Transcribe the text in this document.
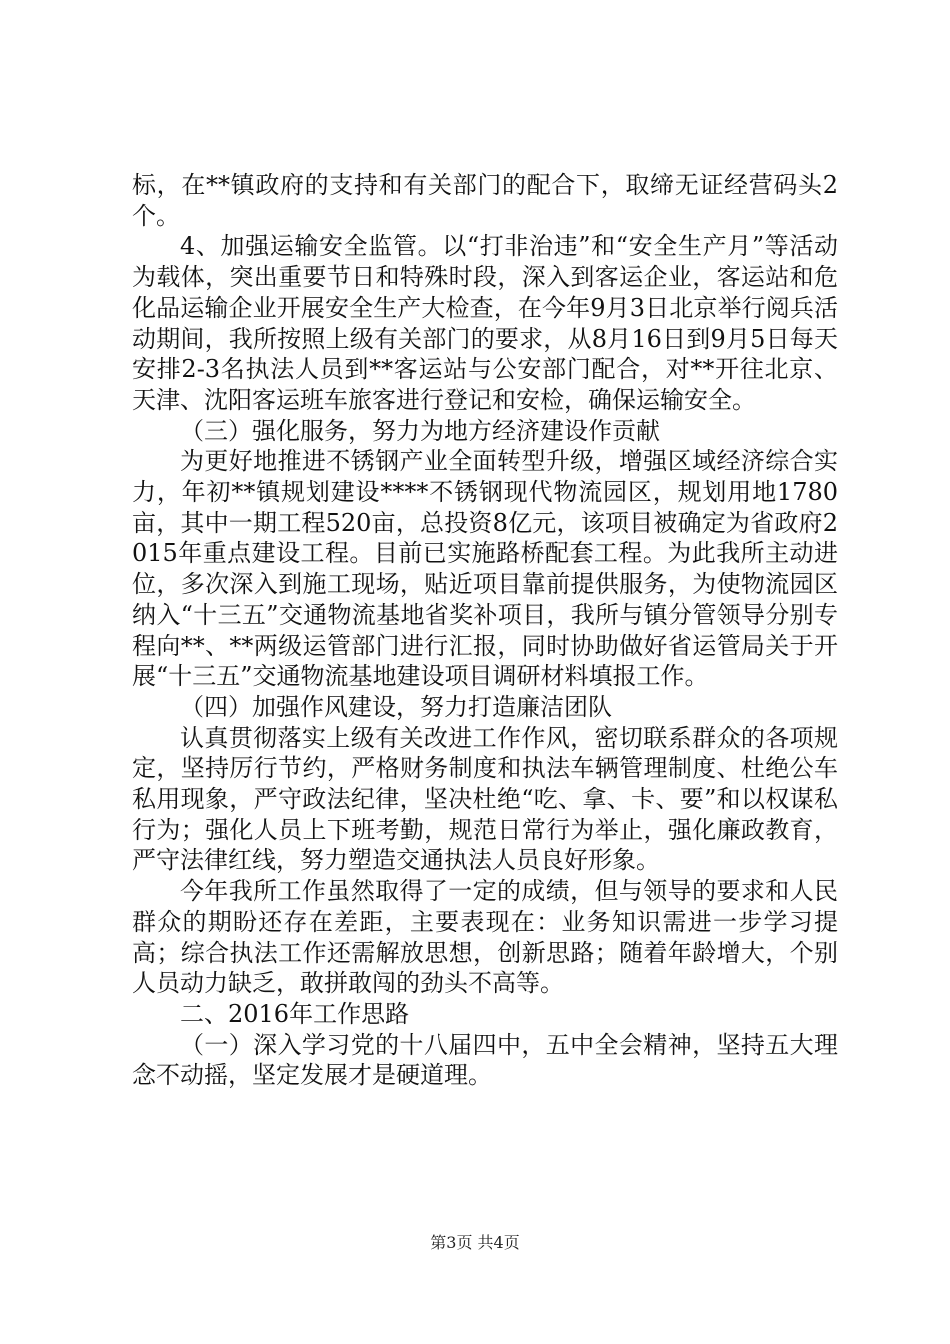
标，在**镇政府的支持和有关部门的配合下，取缔无证经营码头2个。

4、加强运输安全监管。以“打非治违”和“安全生产月”等活动为载体，突出重要节日和特殊时段，深入到客运企业，客运站和危化品运输企业开展安全生产大检查，在今年9月3日北京举行阅兵活动期间，我所按照上级有关部门的要求，从8月16日到9月5日每天安排2-3名执法人员到**客运站与公安部门配合，对**开往北京、天津、沈阳客运班车旅客进行登记和安检，确保运输安全。

（三）强化服务，努力为地方经济建设作贡献

为更好地推进不锈钢产业全面转型升级，增强区域经济综合实力，年初**镇规划建设****不锈钢现代物流园区，规划用地1780亩，其中一期工程520亩，总投资8亿元，该项目被确定为省政府2015年重点建设工程。目前已实施路桥配套工程。为此我所主动进位，多次深入到施工现场，贴近项目靠前提供服务，为使物流园区纳入“十三五”交通物流基地省奖补项目，我所与镇分管领导分别专程向**、**两级运管部门进行汇报，同时协助做好省运管局关于开展“十三五”交通物流基地建设项目调研材料填报工作。

（四）加强作风建设，努力打造廉洁团队

认真贯彻落实上级有关改进工作作风，密切联系群众的各项规定，坚持厉行节约，严格财务制度和执法车辆管理制度、杜绝公车私用现象，严守政法纪律，坚决杜绝“吃、拿、卡、要”和以权谋私行为；强化人员上下班考勤，规范日常行为举止，强化廉政教育，严守法律红线，努力塑造交通执法人员良好形象。

今年我所工作虽然取得了一定的成绩，但与领导的要求和人民群众的期盼还存在差距，主要表现在：业务知识需进一步学习提高；综合执法工作还需解放思想，创新思路；随着年龄增大，个别人员动力缺乏，敢拼敢闯的劲头不高等。

二、2016年工作思路

（一）深入学习党的十八届四中，五中全会精神，坚持五大理念不动摇，坚定发展才是硬道理。

第3页 共4页
